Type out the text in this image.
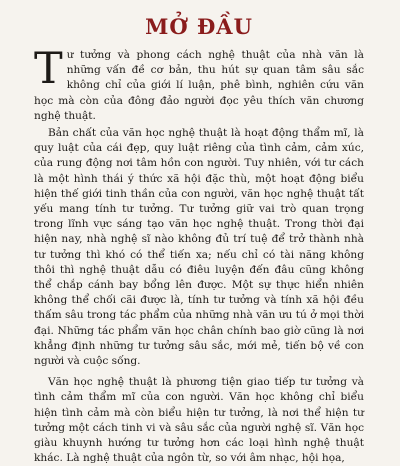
MỞ ĐẦU

Tư tưởng và phong cách nghệ thuật của nhà văn là những vấn đề cơ bản, thu hút sự quan tâm sâu sắc không chỉ của giới lí luận, phê bình, nghiên cứu văn học mà còn của đông đảo người đọc yêu thích văn chương nghệ thuật.

Bản chất của văn học nghệ thuật là hoạt động thẩm mĩ, là quy luật của cái đẹp, quy luật riêng của tình cảm, cảm xúc, của rung động nơi tâm hồn con người. Tuy nhiên, với tư cách là một hình thái ý thức xã hội đặc thù, một hoạt động biểu hiện thế giới tinh thần của con người, văn học nghệ thuật tất yếu mang tính tư tưởng. Tư tưởng giữ vai trò quan trọng trong lĩnh vực sáng tạo văn học nghệ thuật. Trong thời đại hiện nay, nhà nghệ sĩ nào không đủ trí tuệ để trở thành nhà tư tưởng thì khó có thể tiến xa; nếu chỉ có tài năng không thôi thì nghệ thuật dẫu có điêu luyện đến đâu cũng không thể chắp cánh bay bổng lên được. Một sự thực hiển nhiên không thể chối cãi được là, tính tư tưởng và tính xã hội đều thấm sâu trong tác phẩm của những nhà văn ưu tú ở mọi thời đại. Những tác phẩm văn học chân chính bao giờ cũng là nơi khẳng định những tư tưởng sâu sắc, mới mẻ, tiến bộ về con người và cuộc sống.

Văn học nghệ thuật là phương tiện giao tiếp tư tưởng và tình cảm thẩm mĩ của con người. Văn học không chỉ biểu hiện tình cảm mà còn biểu hiện tư tưởng, là nơi thể hiện tư tưởng một cách tinh vi và sâu sắc của người nghệ sĩ. Văn học giàu khuynh hướng tư tưởng hơn các loại hình nghệ thuật khác. Là nghệ thuật của ngôn từ, so với âm nhạc, hội họa,
